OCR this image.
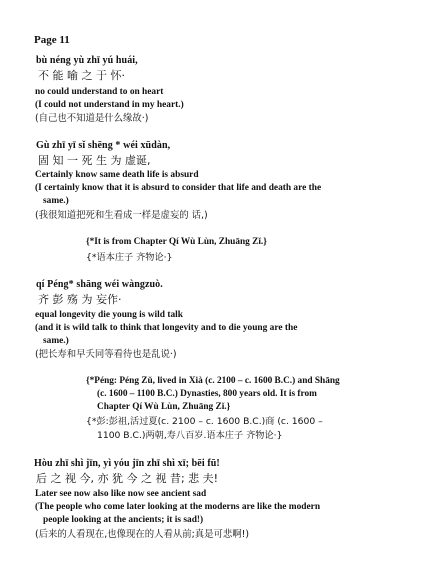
Page 11
bù néng yù zhī yú huái,
不 能 喻 之 于 怀·
no could understand to on heart
(I could not understand in my heart.)
(自己也不知道是什么缘故·)
Gù zhī yī sǐ shēng * wéi xūdàn,
固 知 一 死 生 为 虚诞,
Certainly know same death life is absurd
(I certainly know that it is absurd to consider that life and death are the
same.)
(我很知道把死和生看成一样是虚妄的 话,)
{*It is from Chapter Qí Wù Lùn, Zhuāng Zǐ.}
{*语本庄子 齐物论·}
qí Péng* shāng wéi wàngzuò.
齐 彭 殇 为 妄作·
equal longevity die young is wild talk
(and it is wild talk to think that longevity and to die young are the
same.)
(把长寿和早夭同等看待也是乱说·)
{*Péng: Péng Zǔ, lived in Xià (c. 2100 – c. 1600 B.C.) and Shāng
(c. 1600 – 1100 B.C.) Dynasties, 800 years old. It is from
Chapter Qí Wù Lùn, Zhuāng Zǐ.}
{*彭:彭祖,活过夏(c. 2100 – c. 1600 B.C.)商 (c. 1600 –
1100 B.C.)两朝,寿八百岁.语本庄子 齐物论·}
Hòu zhī shì jīn, yì yóu jīn zhī shì xī; bēi fū!
后 之 视 今, 亦 犹 今 之 视 昔; 悲 夫!
Later see now also like now see ancient sad
(The people who come later looking at the moderns are like the modern
people looking at the ancients; it is sad!)
(后来的人看现在,也像现在的人看从前;真是可悲啊!)
